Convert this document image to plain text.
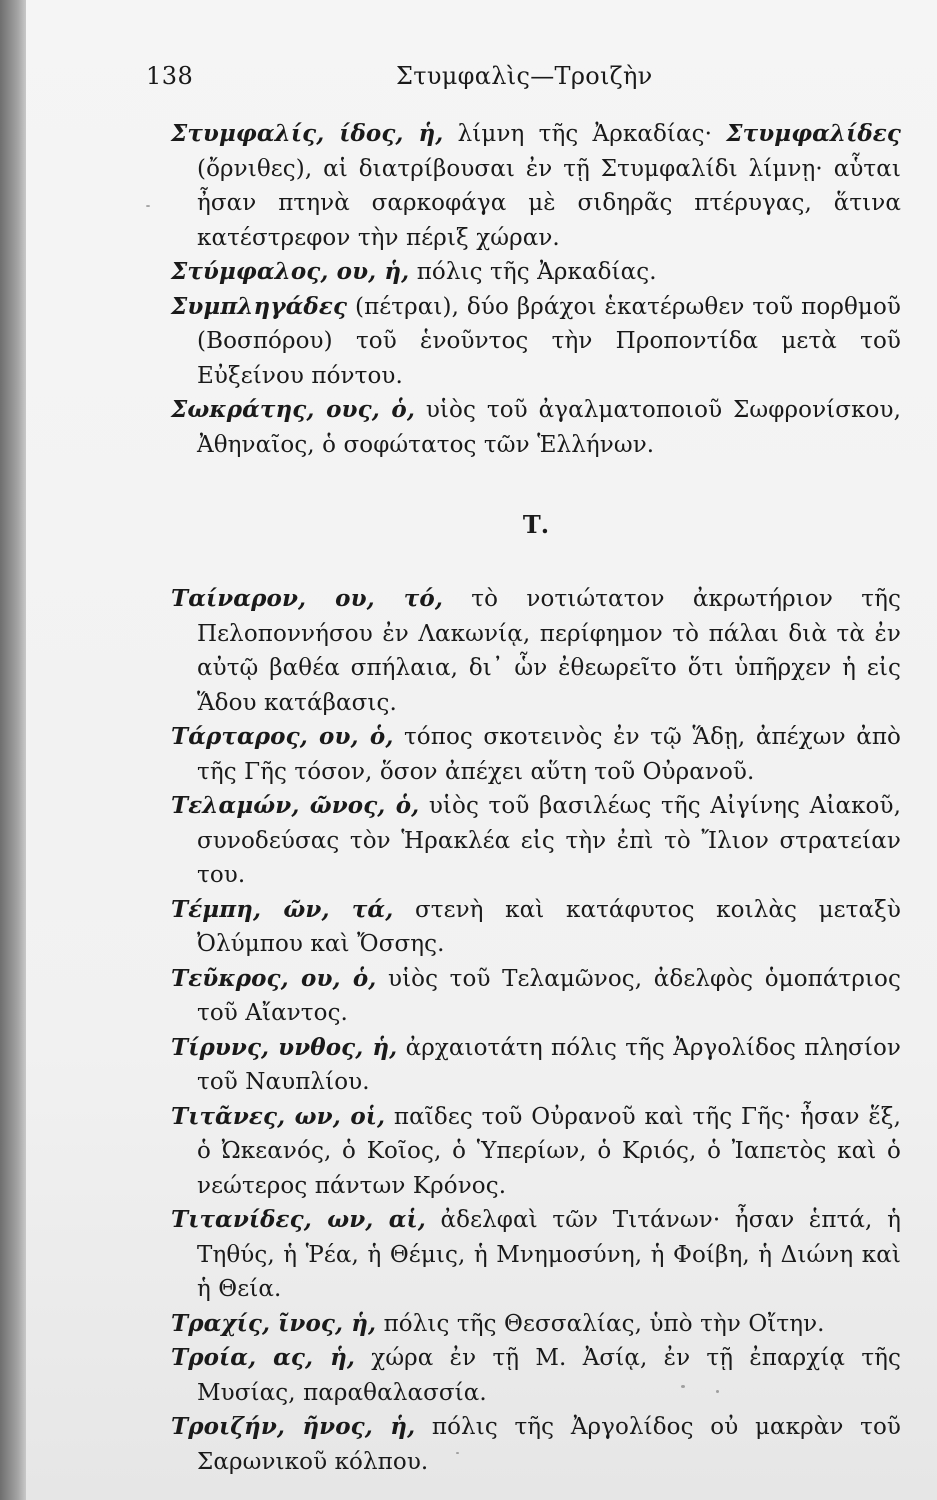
138	Στυμφαλὶς—Τροιζὴν

Στυμφαλίς, ίδος, ἡ, λίμνη τῆς Ἀρκαδίας· Στυμφαλίδες (ὄρνιθες), αἱ διατρίβουσαι ἐν τῇ Στυμφαλίδι λίμνῃ· αὗται ἦσαν πτηνὰ σαρκοφάγα μὲ σιδηρᾶς πτέρυγας, ἅτινα κατέστρεφον τὴν πέριξ χώραν.

Στύμφαλος, ου, ἡ, πόλις τῆς Ἀρκαδίας.

Συμπληγάδες (πέτραι), δύο βράχοι ἑκατέρωθεν τοῦ πορθμοῦ (Βοσπόρου) τοῦ ἑνοῦντος τὴν Προποντίδα μετὰ τοῦ Εὐξείνου πόντου.

Σωκράτης, ους, ὁ, υἱὸς τοῦ ἀγαλματοποιοῦ Σωφρονίσκου, Ἀθηναῖος, ὁ σοφώτατος τῶν Ἑλλήνων.

Τ.

Ταίναρον, ου, τό, τὸ νοτιώτατον ἀκρωτήριον τῆς Πελοποννήσου ἐν Λακωνίᾳ, περίφημον τὸ πάλαι διὰ τὰ ἐν αὐτῷ βαθέα σπήλαια, δι᾽ ὧν ἐθεωρεῖτο ὅτι ὑπῆρχεν ἡ εἰς Ἅδου κατάβασις.

Τάρταρος, ου, ὁ, τόπος σκοτεινὸς ἐν τῷ Ἅδῃ, ἀπέχων ἀπὸ τῆς Γῆς τόσον, ὅσον ἀπέχει αὕτη τοῦ Οὐρανοῦ.

Τελαμών, ῶνος, ὁ, υἱὸς τοῦ βασιλέως τῆς Αἰγίνης Αἰακοῦ, συνοδεύσας τὸν Ἡρακλέα εἰς τὴν ἐπὶ τὸ Ἴλιον στρατείαν του.

Τέμπη, ῶν, τά, στενὴ καὶ κατάφυτος κοιλὰς μεταξὺ Ὀλύμπου καὶ Ὄσσης.

Τεῦκρος, ου, ὁ, υἱὸς τοῦ Τελαμῶνος, ἀδελφὸς ὁμοπάτριος τοῦ Αἴαντος.

Τίρυνς, υνθος, ἡ, ἀρχαιοτάτη πόλις τῆς Ἀργολίδος πλησίον τοῦ Ναυπλίου.

Τιτᾶνες, ων, οἱ, παῖδες τοῦ Οὐρανοῦ καὶ τῆς Γῆς· ἦσαν ἕξ, ὁ Ὠκεανός, ὁ Κοῖος, ὁ Ὑπερίων, ὁ Κριός, ὁ Ἰαπετὸς καὶ ὁ νεώτερος πάντων Κρόνος.

Τιτανίδες, ων, αἱ, ἀδελφαὶ τῶν Τιτάνων· ἦσαν ἑπτά, ἡ Τηθύς, ἡ Ῥέα, ἡ Θέμις, ἡ Μνημοσύνη, ἡ Φοίβη, ἡ Διώνη καὶ ἡ Θεία.

Τραχίς, ῖνος, ἡ, πόλις τῆς Θεσσαλίας, ὑπὸ τὴν Οἴτην.

Τροία, ας, ἡ, χώρα ἐν τῇ Μ. Ἀσίᾳ, ἐν τῇ ἐπαρχίᾳ τῆς Μυσίας, παραθαλασσία.

Τροιζήν, ῆνος, ἡ, πόλις τῆς Ἀργολίδος οὐ μακρὰν τοῦ Σαρωνικοῦ κόλπου.
